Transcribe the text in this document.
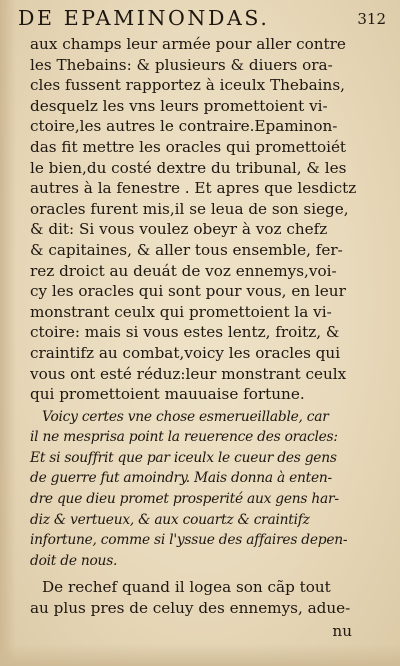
DE EPAMINONDAS.	312
aux champs leur armée pour aller contre
les Thebains: & plusieurs & diuers ora-
cles fussent rapportez à iceulx Thebains,
desquelz les vns leurs promettoient vi-
ctoire,les autres le contraire.Epaminon-
das fit mettre les oracles qui promettoiét
le bien,du costé dextre du tribunal, & les
autres à la fenestre . Et apres que lesdictz
oracles furent mis,il se leua de son siege,
& dit: Si vous voulez obeyr à voz chefz
& capitaines, & aller tous ensemble, fer-
rez droict au deuát de voz ennemys,voi-
cy les oracles qui sont pour vous, en leur
monstrant ceulx qui promettoient la vi-
ctoire: mais si vous estes lentz, froitz, &
craintifz au combat,voicy les oracles qui
vous ont esté réduz:leur monstrant ceulx
qui promettoient mauuaise fortune.
Voicy certes vne chose esmerueillable, car
il ne mesprisa point la reuerence des oracles:
Et si souffrit que par iceulx le cueur des gens
de guerre fut amoindry. Mais donna à enten-
dre que dieu promet prosperité aux gens har-
diz & vertueux, & aux couartz & craintifz
infortune, comme si l'yssue des affaires depen-
doit de nous.
De rechef quand il logea son cãp tout
au plus pres de celuy des ennemys, adue-
nu
